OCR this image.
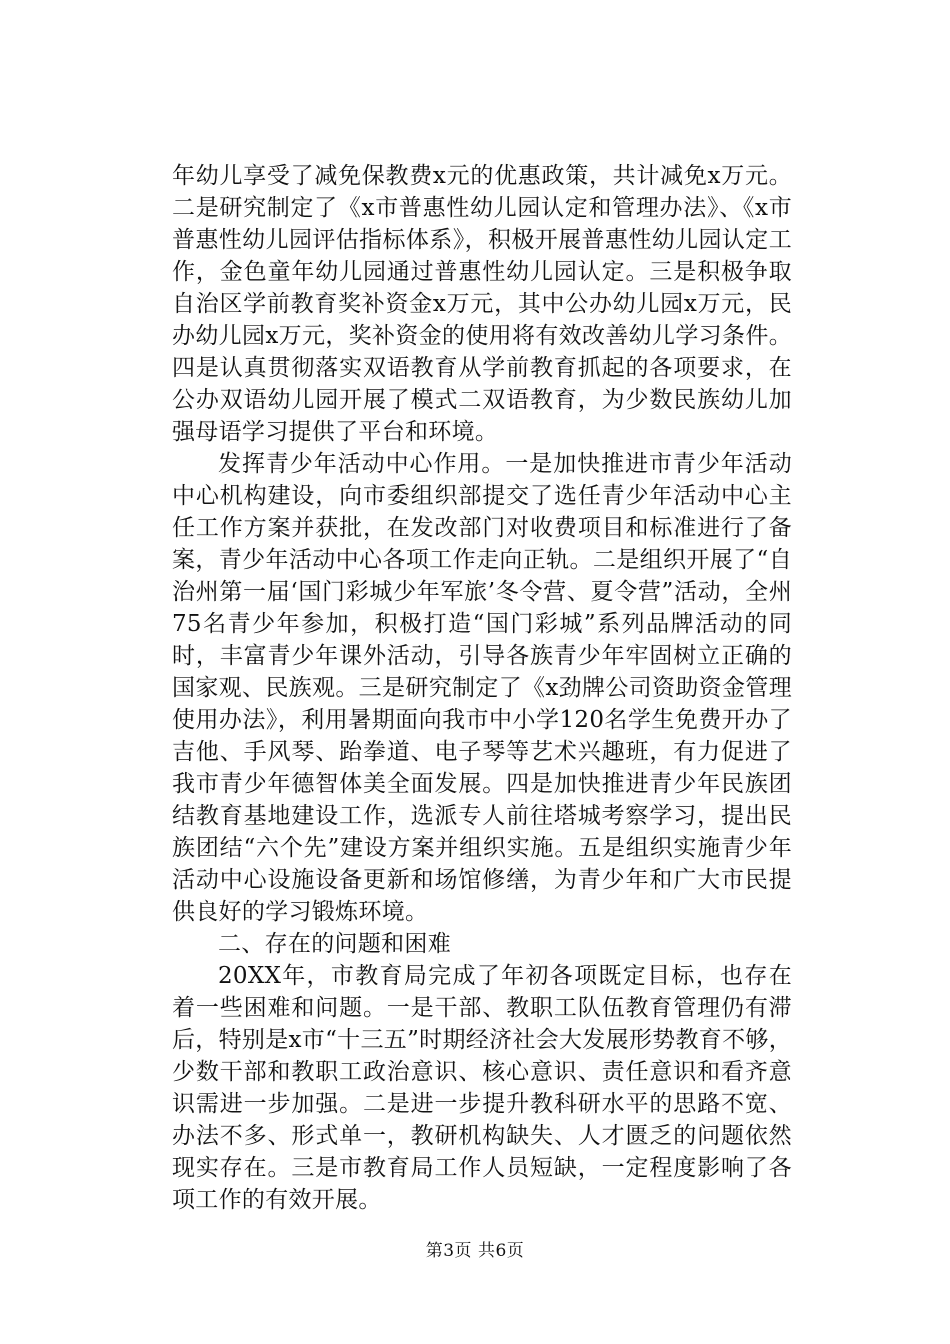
年幼儿享受了减免保教费x元的优惠政策，共计减免x万元。二是研究制定了《x市普惠性幼儿园认定和管理办法》、《x市普惠性幼儿园评估指标体系》，积极开展普惠性幼儿园认定工作，金色童年幼儿园通过普惠性幼儿园认定。三是积极争取自治区学前教育奖补资金x万元，其中公办幼儿园x万元，民办幼儿园x万元，奖补资金的使用将有效改善幼儿学习条件。四是认真贯彻落实双语教育从学前教育抓起的各项要求，在公办双语幼儿园开展了模式二双语教育，为少数民族幼儿加强母语学习提供了平台和环境。

发挥青少年活动中心作用。一是加快推进市青少年活动中心机构建设，向市委组织部提交了选任青少年活动中心主任工作方案并获批，在发改部门对收费项目和标准进行了备案，青少年活动中心各项工作走向正轨。二是组织开展了“自治州第一届‘国门彩城少年军旅’冬令营、夏令营”活动，全州75名青少年参加，积极打造“国门彩城”系列品牌活动的同时，丰富青少年课外活动，引导各族青少年牢固树立正确的国家观、民族观。三是研究制定了《x劲牌公司资助资金管理使用办法》，利用暑期面向我市中小学120名学生免费开办了吉他、手风琴、跆拳道、电子琴等艺术兴趣班，有力促进了我市青少年德智体美全面发展。四是加快推进青少年民族团结教育基地建设工作，选派专人前往塔城考察学习，提出民族团结“六个先”建设方案并组织实施。五是组织实施青少年活动中心设施设备更新和场馆修缮，为青少年和广大市民提供良好的学习锻炼环境。

二、存在的问题和困难

20XX年，市教育局完成了年初各项既定目标，也存在着一些困难和问题。一是干部、教职工队伍教育管理仍有滞后，特别是x市“十三五”时期经济社会大发展形势教育不够，少数干部和教职工政治意识、核心意识、责任意识和看齐意识需进一步加强。二是进一步提升教科研水平的思路不宽、办法不多、形式单一，教研机构缺失、人才匮乏的问题依然现实存在。三是市教育局工作人员短缺，一定程度影响了各项工作的有效开展。

第3页 共6页
